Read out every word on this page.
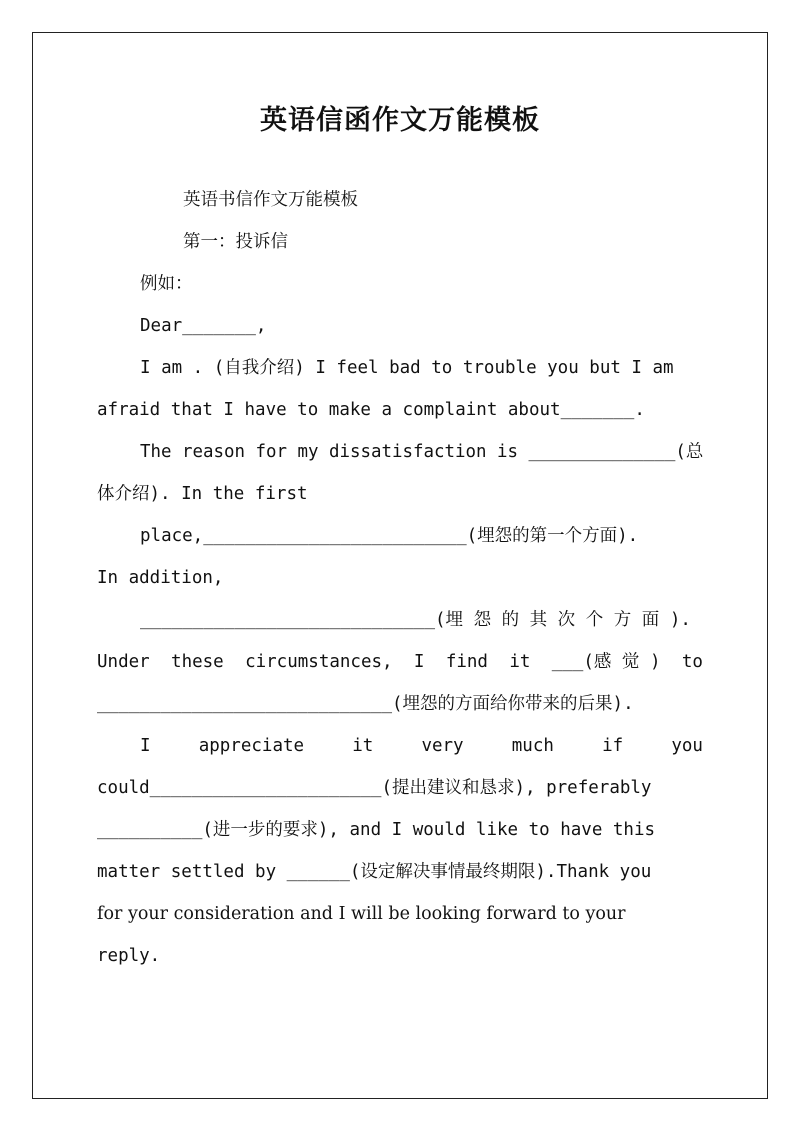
英语信函作文万能模板
英语书信作文万能模板
第一：投诉信
例如：
Dear_______,
I am . (自我介绍) I feel bad to trouble you but I am
afraid that I have to make a complaint about_______.
The reason for my dissatisfaction is ______________(总
体介绍). In the first
place,_________________________(埋怨的第一个方面).
In addition,
____________________________(埋 怨 的 其 次 个 方 面 ).
Under these circumstances, I find it ___(感 觉 ) to
____________________________(埋怨的方面给你带来的后果).
I	appreciate	it	very	much	if	you
could______________________(提出建议和恳求), preferably
__________(进一步的要求), and I would like to have this
matter settled by ______(设定解决事情最终期限).Thank you
for your consideration and I will be looking forward to your
reply.
